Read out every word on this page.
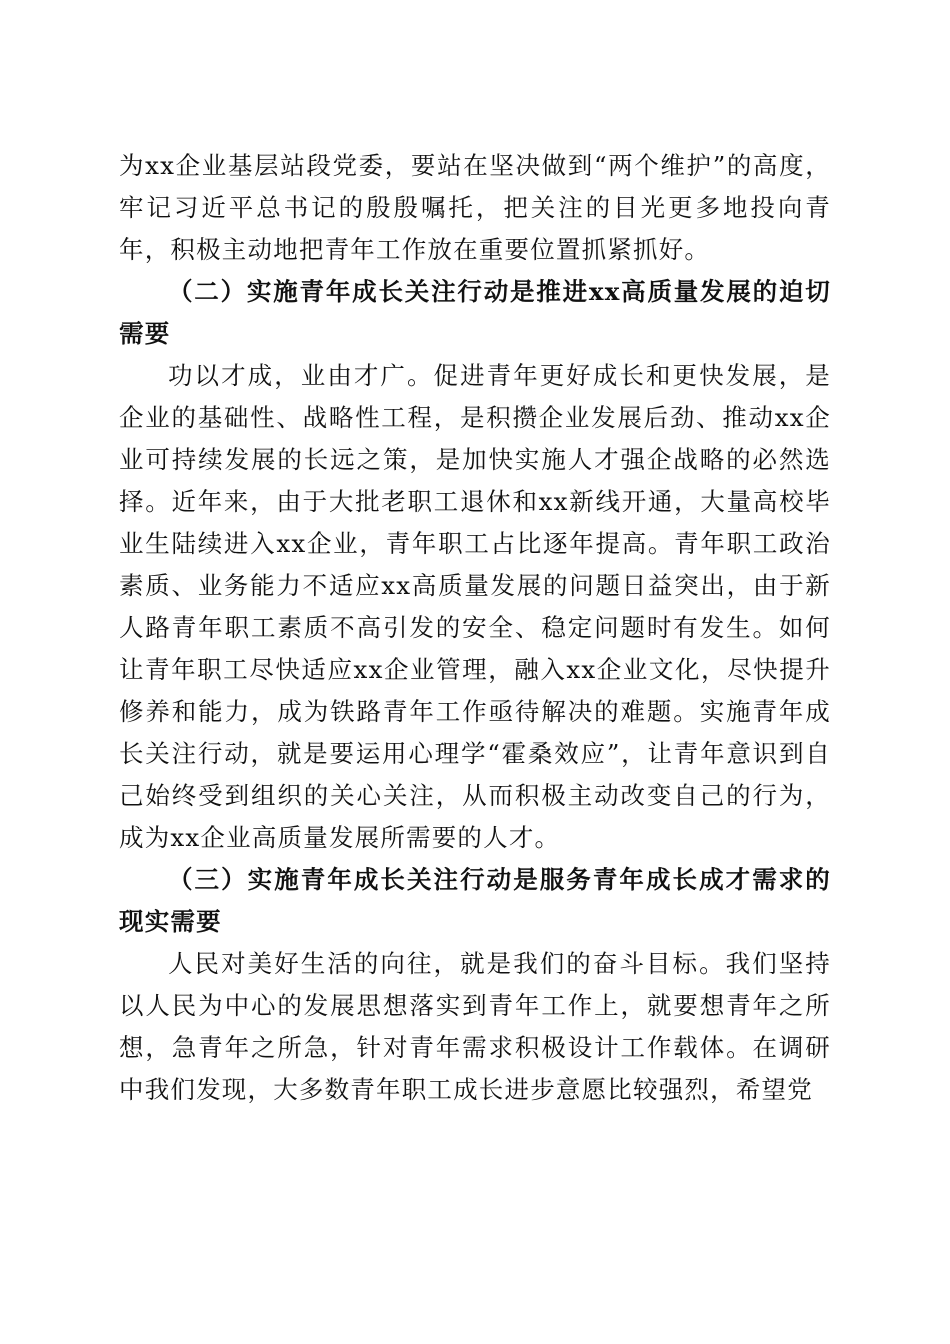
为xx企业基层站段党委，要站在坚决做到“两个维护”的高度，牢记习近平总书记的殷殷嘱托，把关注的目光更多地投向青年，积极主动地把青年工作放在重要位置抓紧抓好。

（二）实施青年成长关注行动是推进xx高质量发展的迫切需要

功以才成，业由才广。促进青年更好成长和更快发展，是企业的基础性、战略性工程，是积攒企业发展后劲、推动xx企业可持续发展的长远之策，是加快实施人才强企战略的必然选择。近年来，由于大批老职工退休和xx新线开通，大量高校毕业生陆续进入xx企业，青年职工占比逐年提高。青年职工政治素质、业务能力不适应xx高质量发展的问题日益突出，由于新人路青年职工素质不高引发的安全、稳定问题时有发生。如何让青年职工尽快适应xx企业管理，融入xx企业文化，尽快提升修养和能力，成为铁路青年工作亟待解决的难题。实施青年成长关注行动，就是要运用心理学“霍桑效应”，让青年意识到自己始终受到组织的关心关注，从而积极主动改变自己的行为，成为xx企业高质量发展所需要的人才。

（三）实施青年成长关注行动是服务青年成长成才需求的现实需要

人民对美好生活的向往，就是我们的奋斗目标。我们坚持以人民为中心的发展思想落实到青年工作上，就要想青年之所想，急青年之所急，针对青年需求积极设计工作载体。在调研中我们发现，大多数青年职工成长进步意愿比较强烈，希望党
